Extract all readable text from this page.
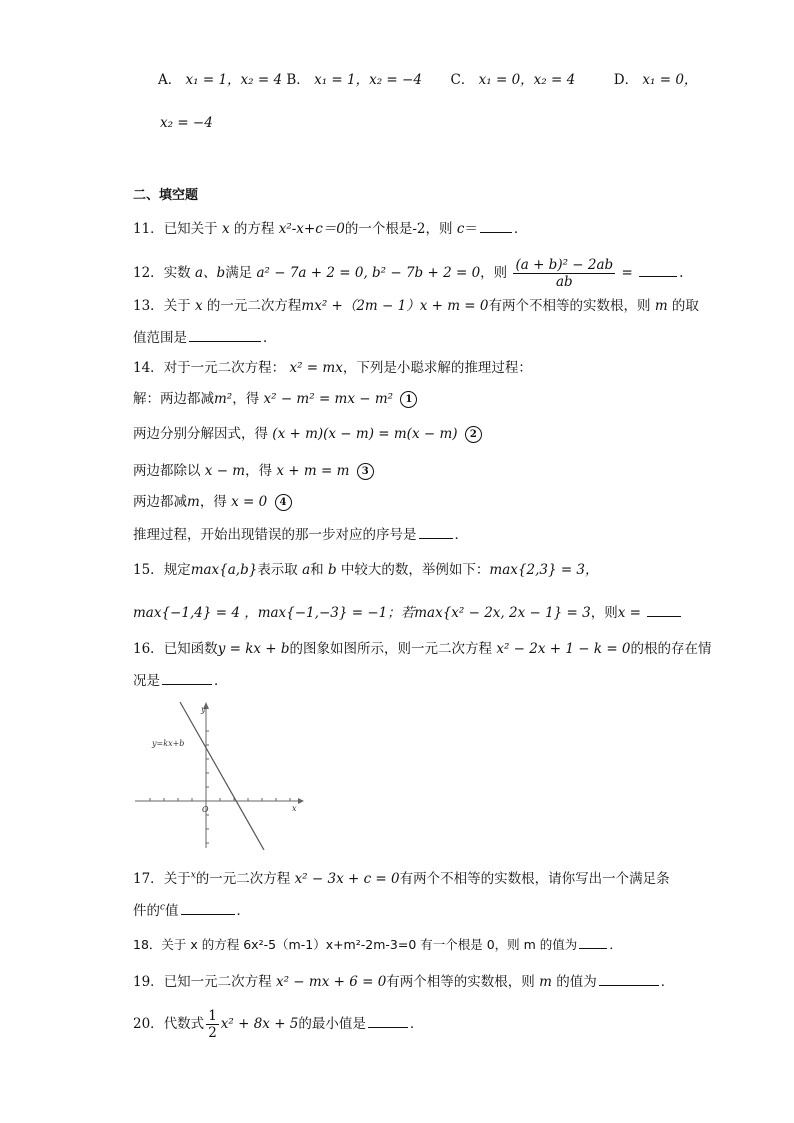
A． x₁ = 1，x₂ = 4 B． x₁ = 1，x₂ = −4 C． x₁ = 0，x₂ = 4	D． x₁ = 0，
x₂ = −4
二、填空题
11．已知关于 x 的方程 x²-x+c＝0的一个根是-2，则 c＝	．
12．实数 a、b满足 a² − 7a + 2 = 0, b² − 7b + 2 = 0，则 $\frac{\text{(a + b)² − 2ab}}{ab}$ =	.
13．关于 x 的一元二次方程mx² +（2m − 1）x + m = 0有两个不相等的实数根，则 m 的取
值范围是	．
14．对于一元二次方程： x² = mx，下列是小聪求解的推理过程：
解：两边都减m²，得 x² − m² = mx − m² 1
两边分别分解因式，得 (x + m)(x − m) = m(x − m) 2
两边都除以 x − m，得 x + m = m 3
两边都减m，得 x = 0 4
推理过程，开始出现错误的那一步对应的序号是	．
15．规定max{a,b}表示取 a和 b 中较大的数，举例如下：max{2,3} = 3，
max{−1,4} = 4 ，max{−1,−3} = −1；若max{x² − 2x, 2x − 1} = 3，则x =
16．已知函数y = kx + b的图象如图所示，则一元二次方程 x² − 2x + 1 − k = 0的根的存在情
况是	．
y=kx+b
O	x
y
17．关于$^x$的一元二次方程 x² − 3x + c = 0有两个不相等的实数根，请你写出一个满足条
件的$^c$值	．
18．关于 x 的方程 6x²-5（m-1）x+m²-2m-3=0 有一个根是 0，则 m 的值为	．
19．已知一元二次方程 x² − mx + 6 = 0有两个相等的实数根，则 m 的值为	．
20．代数式 $\frac{1}{2} x^2 + 8x + 5$的最小值是	．
